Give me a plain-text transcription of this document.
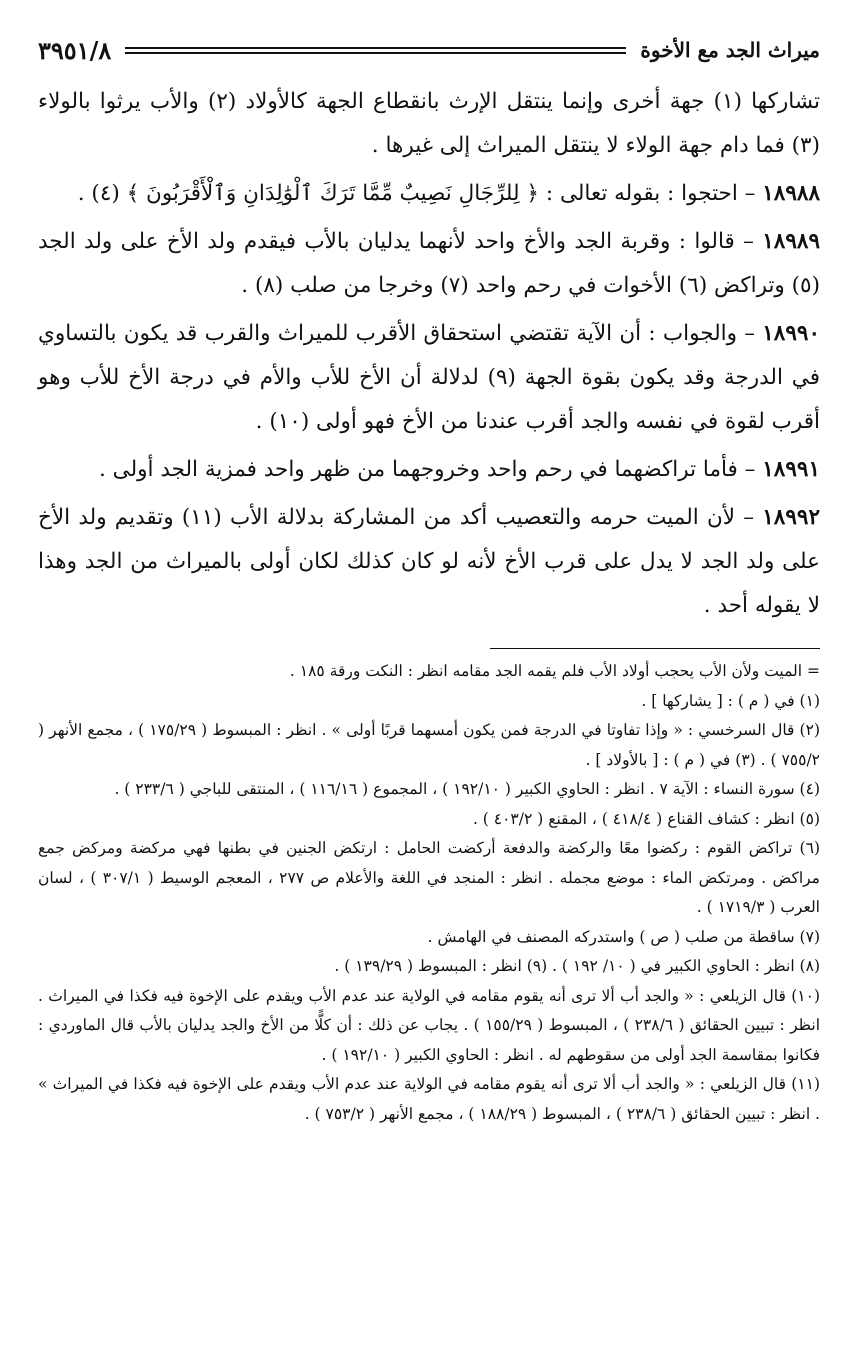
ميراث الجد مع الأخوة
٣٩٥١/٨

تشاركها (١) جهة أخرى وإنما ينتقل الإرث بانقطاع الجهة كالأولاد (٢) والأب يرثوا بالولاء (٣) فما دام جهة الولاء لا ينتقل الميراث إلى غيرها .

١٨٩٨٨ – احتجوا : بقوله تعالى : ﴿ لِلرِّجَالِ نَصِيبٌ مِّمَّا تَرَكَ ٱلْوَٰلِدَانِ وَٱلْأَقْرَبُونَ ﴾ (٤) .

١٨٩٨٩ – قالوا : وقربة الجد والأخ واحد لأنهما يدليان بالأب فيقدم ولد الأخ على ولد الجد (٥) وتراكض (٦) الأخوات في رحم واحد (٧) وخرجا من صلب (٨) .

١٨٩٩٠ – والجواب : أن الآية تقتضي استحقاق الأقرب للميراث والقرب قد يكون بالتساوي في الدرجة وقد يكون بقوة الجهة (٩) لدلالة أن الأخ للأب والأم في درجة الأخ للأب وهو أقرب لقوة في نفسه والجد أقرب عندنا من الأخ فهو أولى (١٠) .

١٨٩٩١ – فأما تراكضهما في رحم واحد وخروجهما من ظهر واحد فمزية الجد أولى .

١٨٩٩٢ – لأن الميت حرمه والتعصيب أكد من المشاركة بدلالة الأب (١١) وتقديم ولد الأخ على ولد الجد لا يدل على قرب الأخ لأنه لو كان كذلك لكان أولى بالميراث من الجد وهذا لا يقوله أحد .

= الميت ولأن الأب يحجب أولاد الأب فلم يقمه الجد مقامه انظر : النكت ورقة ١٨٥ .

(١) في ( م ) : [ يشاركها ] .

(٢) قال السرخسي : « وإذا تفاوتا في الدرجة فمن يكون أمسهما قربًا أولى » . انظر : المبسوط ( ١٧٥/٢٩ ) ، مجمع الأنهر ( ٧٥٥/٢ ) . (٣) في ( م ) : [ بالأولاد ] .

(٤) سورة النساء : الآية ٧ . انظر : الحاوي الكبير ( ١٩٢/١٠ ) ، المجموع ( ١١٦/١٦ ) ، المنتقى للباجي ( ٢٣٣/٦ ) .

(٥) انظر : كشاف القناع ( ٤١٨/٤ ) ، المقنع ( ٤٠٣/٢ ) .

(٦) تراكض القوم : ركضوا معًا والركضة والدفعة أركضت الحامل : ارتكض الجنين في بطنها فهي مركضة ومركض جمع مراكض . ومرتكض الماء : موضع مجمله . انظر : المنجد في اللغة والأعلام ص ٢٧٧ ، المعجم الوسيط ( ٣٠٧/١ ) ، لسان العرب ( ١٧١٩/٣ ) .

(٧) ساقطة من صلب ( ص ) واستدركه المصنف في الهامش .

(٨) انظر : الحاوي الكبير في ( ١٠/ ١٩٢ ) . (٩) انظر : المبسوط ( ١٣٩/٢٩ ) .

(١٠) قال الزيلعي : « والجد أب ألا ترى أنه يقوم مقامه في الولاية عند عدم الأب ويقدم على الإخوة فيه فكذا في الميراث . انظر : تبيين الحقائق ( ٢٣٨/٦ ) ، المبسوط ( ١٥٥/٢٩ ) . يجاب عن ذلك : أن كلًّا من الأخ والجد يدليان بالأب قال الماوردي : فكانوا بمقاسمة الجد أولى من سقوطهم له . انظر : الحاوي الكبير ( ١٩٢/١٠ ) .

(١١) قال الزيلعي : « والجد أب ألا ترى أنه يقوم مقامه في الولاية عند عدم الأب ويقدم على الإخوة فيه فكذا في الميراث » . انظر : تبيين الحقائق ( ٢٣٨/٦ ) ، المبسوط ( ١٨٨/٢٩ ) ، مجمع الأنهر ( ٧٥٣/٢ ) .
